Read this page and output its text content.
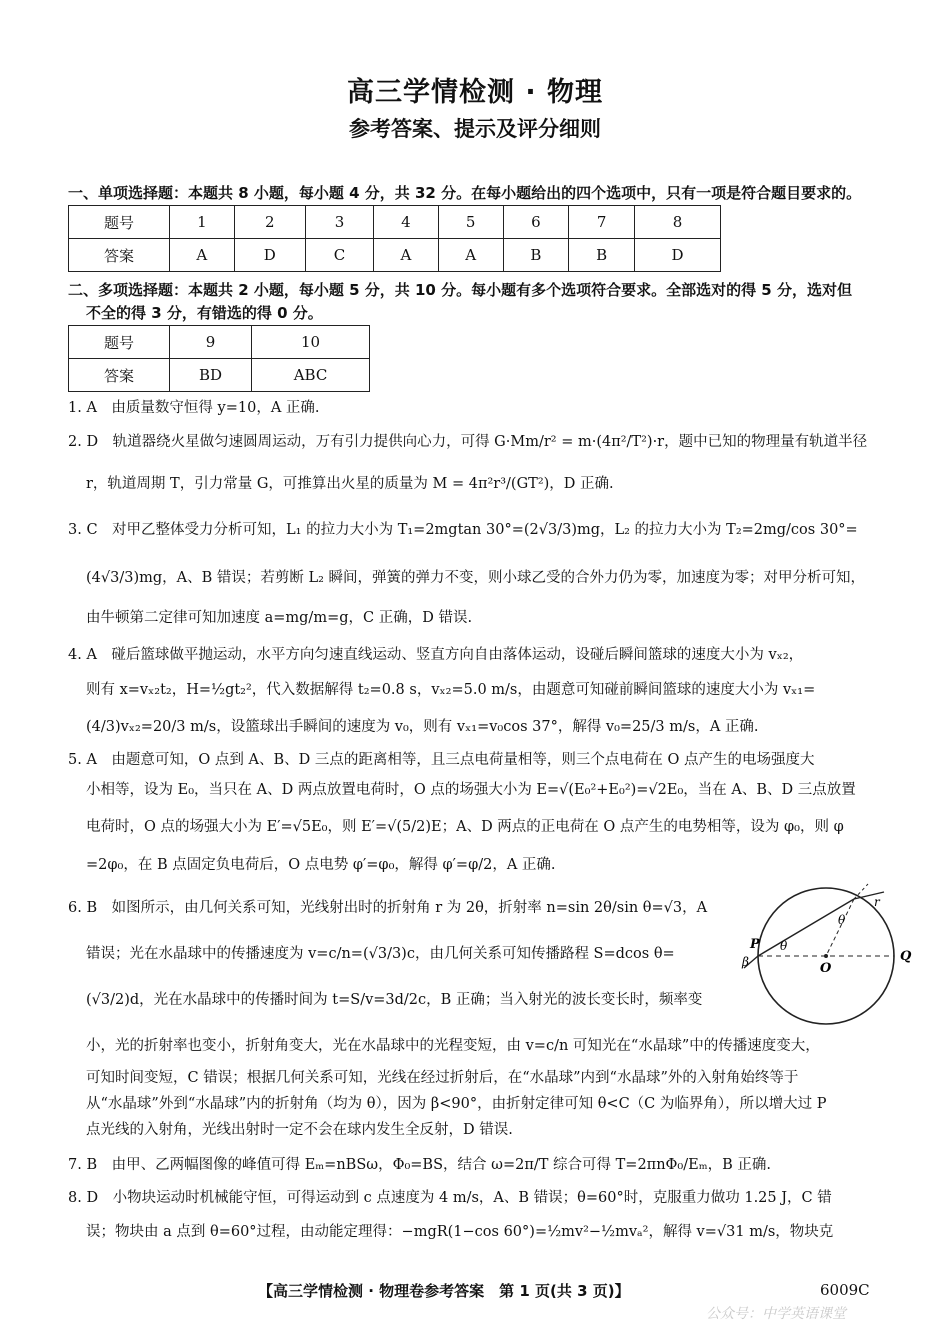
高三学情检测 · 物理
参考答案、提示及评分细则
一、单项选择题：本题共 8 小题，每小题 4 分，共 32 分。在每小题给出的四个选项中，只有一项是符合题目要求的。
题号	1	2	3	4	5	6	7	8
答案	A	D	C	A	A	B	B	D
二、多项选择题：本题共 2 小题，每小题 5 分，共 10 分。每小题有多个选项符合要求。全部选对的得 5 分，选对但
不全的得 3 分，有错选的得 0 分。
题号	9	10
答案	BD	ABC
1. A　由质量数守恒得 y=10，A 正确.
2. D　轨道器绕火星做匀速圆周运动，万有引力提供向心力，可得 G·Mm/r² = m·(4π²/T²)·r，题中已知的物理量有轨道半径
r，轨道周期 T，引力常量 G，可推算出火星的质量为 M = 4π²r³/(GT²)，D 正确.
3. C　对甲乙整体受力分析可知，L₁ 的拉力大小为 T₁=2mgtan 30°=(2√3/3)mg，L₂ 的拉力大小为 T₂=2mg/cos 30°=
(4√3/3)mg，A、B 错误；若剪断 L₂ 瞬间，弹簧的弹力不变，则小球乙受的合外力仍为零，加速度为零；对甲分析可知，
由牛顿第二定律可知加速度 a=mg/m=g，C 正确，D 错误.
4. A　碰后篮球做平抛运动，水平方向匀速直线运动、竖直方向自由落体运动，设碰后瞬间篮球的速度大小为 vₓ₂，
则有 x=vₓ₂t₂，H=½gt₂²，代入数据解得 t₂=0.8 s，vₓ₂=5.0 m/s，由题意可知碰前瞬间篮球的速度大小为 vₓ₁=
(4/3)vₓ₂=20/3 m/s，设篮球出手瞬间的速度为 v₀，则有 vₓ₁=v₀cos 37°，解得 v₀=25/3 m/s，A 正确.
5. A　由题意可知，O 点到 A、B、D 三点的距离相等，且三点电荷量相等，则三个点电荷在 O 点产生的电场强度大
小相等，设为 E₀，当只在 A、D 两点放置电荷时，O 点的场强大小为 E=√(E₀²+E₀²)=√2E₀，当在 A、B、D 三点放置
电荷时，O 点的场强大小为 E′=√5E₀，则 E′=√(5/2)E；A、D 两点的正电荷在 O 点产生的电势相等，设为 φ₀，则 φ
=2φ₀，在 B 点固定负电荷后，O 点电势 φ′=φ₀，解得 φ′=φ/2，A 正确.
6. B　如图所示，由几何关系可知，光线射出时的折射角 r 为 2θ，折射率 n=sin 2θ/sin θ=√3，A
错误；光在水晶球中的传播速度为 v=c/n=(√3/3)c，由几何关系可知传播路程 S=dcos θ=
(√3/2)d，光在水晶球中的传播时间为 t=S/v=3d/2c，B 正确；当入射光的波长变长时，频率变
小，光的折射率也变小，折射角变大，光在水晶球中的光程变短，由 v=c/n 可知光在“水晶球”中的传播速度变大，
可知时间变短，C 错误；根据几何关系可知，光线在经过折射后，在“水晶球”内到“水晶球”外的入射角始终等于
从“水晶球”外到“水晶球”内的折射角（均为 θ），因为 β<90°，由折射定律可知 θ<C（C 为临界角），所以增大过 P
点光线的入射角，光线出射时一定不会在球内发生全反射，D 错误.
7. B　由甲、乙两幅图像的峰值可得 Eₘ=nBSω，Φ₀=BS，结合 ω=2π/T 综合可得 T=2πnΦ₀/Eₘ，B 正确.
8. D　小物块运动时机械能守恒，可得运动到 c 点速度为 4 m/s，A、B 错误；θ=60°时，克服重力做功 1.25 J，C 错
误；物块由 a 点到 θ=60°过程，由动能定理得：−mgR(1−cos 60°)=½mv²−½mvₐ²，解得 v=√31 m/s，物块克
P
O
Q
θ
θ
β
r
【高三学情检测 · 物理卷参考答案　第 1 页(共 3 页)】	6009C
公众号：中学英语课堂
